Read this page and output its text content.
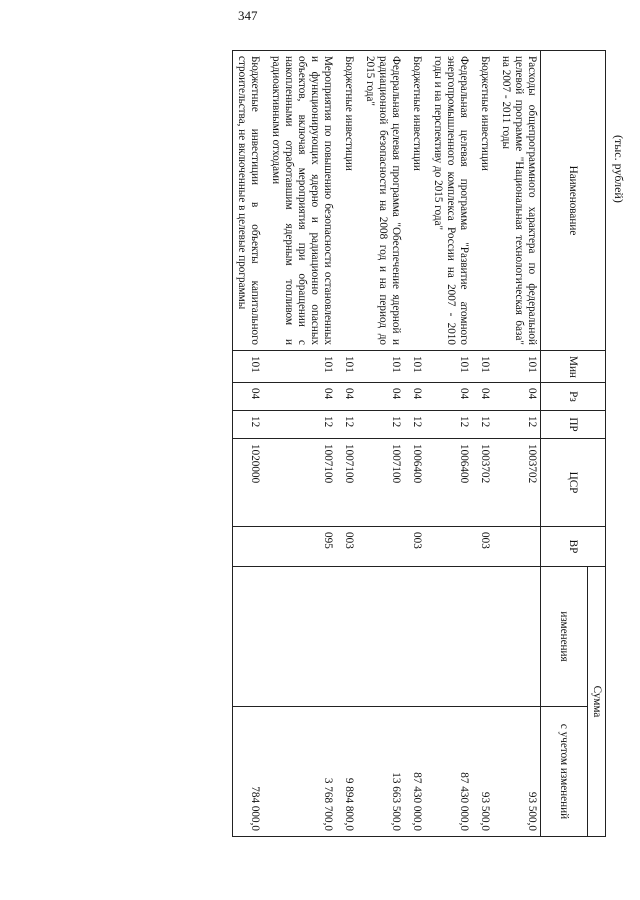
347
(тыс. рублей)
Наименование	Мин	Рз	ПР	ЦСР	ВР	Сумма	
						изменения	с учетом изменений
Расходы общепрограммного характера по федеральной целевой программе "Национальная технологическая база" на 2007 - 2011 годы	101	04	12	1003702			93 500,0
Бюджетные инвестиции	101	04	12	1003702	003		93 500,0
Федеральная целевая программа "Развитие атомного энергопромышленного комплекса России на 2007 - 2010 годы и на перспективу до 2015 года"	101	04	12	1006400			87 430 000,0
Бюджетные инвестиции	101	04	12	1006400	003		87 430 000,0
Федеральная целевая программа "Обеспечение ядерной и радиационной безопасности на 2008 год и на период до 2015 года"	101	04	12	1007100			13 663 500,0
Бюджетные инвестиции	101	04	12	1007100	003		9 894 800,0
Мероприятия по повышению безопасности остановленных и функционирующих ядерно и радиационно опасных объектов, включая мероприятия при обращении с накопленными отработавшим ядерным топливом и радиоактивными отходами	101	04	12	1007100	095		3 768 700,0
Бюджетные инвестиции в объекты капитального строительства, не включенные в целевые программы	101	04	12	1020000			784 000,0
